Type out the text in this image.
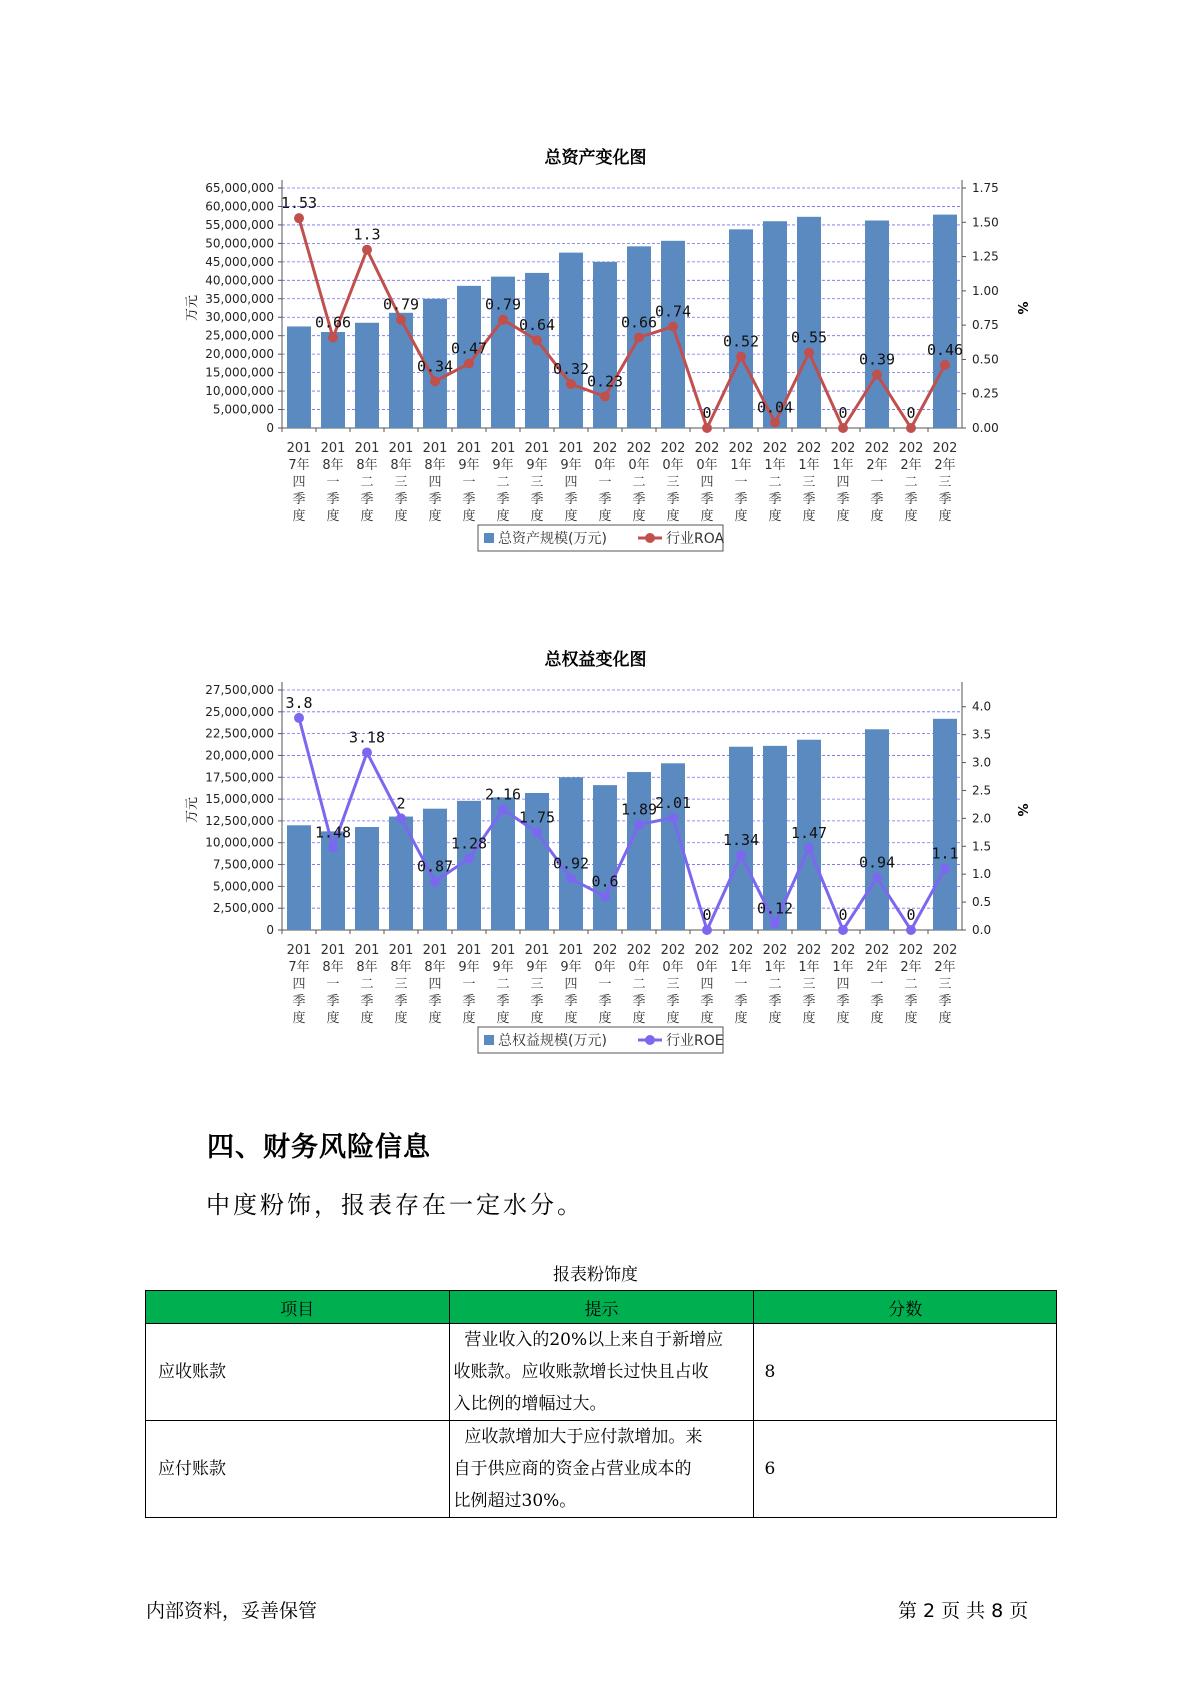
总资产变化图
0
5,000,000
10,000,000
15,000,000
20,000,000
25,000,000
30,000,000
35,000,000
40,000,000
45,000,000
50,000,000
55,000,000
60,000,000
65,000,000
0.00
0.25
0.50
0.75
1.00
1.25
1.50
1.75
万元	%
201
7年
四
季
度
201
8年
一
季
度
201
8年
二
季
度
201
8年
三
季
度
201
8年
四
季
度
201
9年
一
季
度
201
9年
二
季
度
201
9年
三
季
度
201
9年
四
季
度
202
0年
一
季
度
202
0年
二
季
度
202
0年
三
季
度
202
0年
四
季
度
202
1年
一
季
度
202
1年
二
季
度
202
1年
三
季
度
202
1年
四
季
度
202
2年
一
季
度
202
2年
二
季
度
202
2年
三
季
度
1.53
0.66
1.3
0.79
0.34
0.47
0.79
0.64
0.32
0.23
0.66
0.74
0
0.52
0.04
0.55
0
0.39
0
0.46
总资产规模(万元)	行业ROA
总权益变化图
0
2,500,000
5,000,000
7,500,000
10,000,000
12,500,000
15,000,000
17,500,000
20,000,000
22,500,000
25,000,000
27,500,000
0.0
0.5
1.0
1.5
2.0
2.5
3.0
3.5
4.0
万元	%
201
7年
四
季
度
201
8年
一
季
度
201
8年
二
季
度
201
8年
三
季
度
201
8年
四
季
度
201
9年
一
季
度
201
9年
二
季
度
201
9年
三
季
度
201
9年
四
季
度
202
0年
一
季
度
202
0年
二
季
度
202
0年
三
季
度
202
0年
四
季
度
202
1年
一
季
度
202
1年
二
季
度
202
1年
三
季
度
202
1年
四
季
度
202
2年
一
季
度
202
2年
二
季
度
202
2年
三
季
度
3.8
1.48
3.18
2
0.87
1.28
2.16
1.75
0.92
0.6
1.89
2.01
0
1.34
0.12
1.47
0
0.94
0
1.1
总权益规模(万元)	行业ROE
四、财务风险信息
中度粉饰，报表存在一定水分。
报表粉饰度
项目	提示	分数
应收账款	营业收入的20%以上来自于新增应
收账款。应收账款增长过快且占收
入比例的增幅过大。	8
应付账款	应收款增加大于应付款增加。来
自于供应商的资金占营业成本的
比例超过30%。	6
内部资料，妥善保管	第 2 页 共 8 页
